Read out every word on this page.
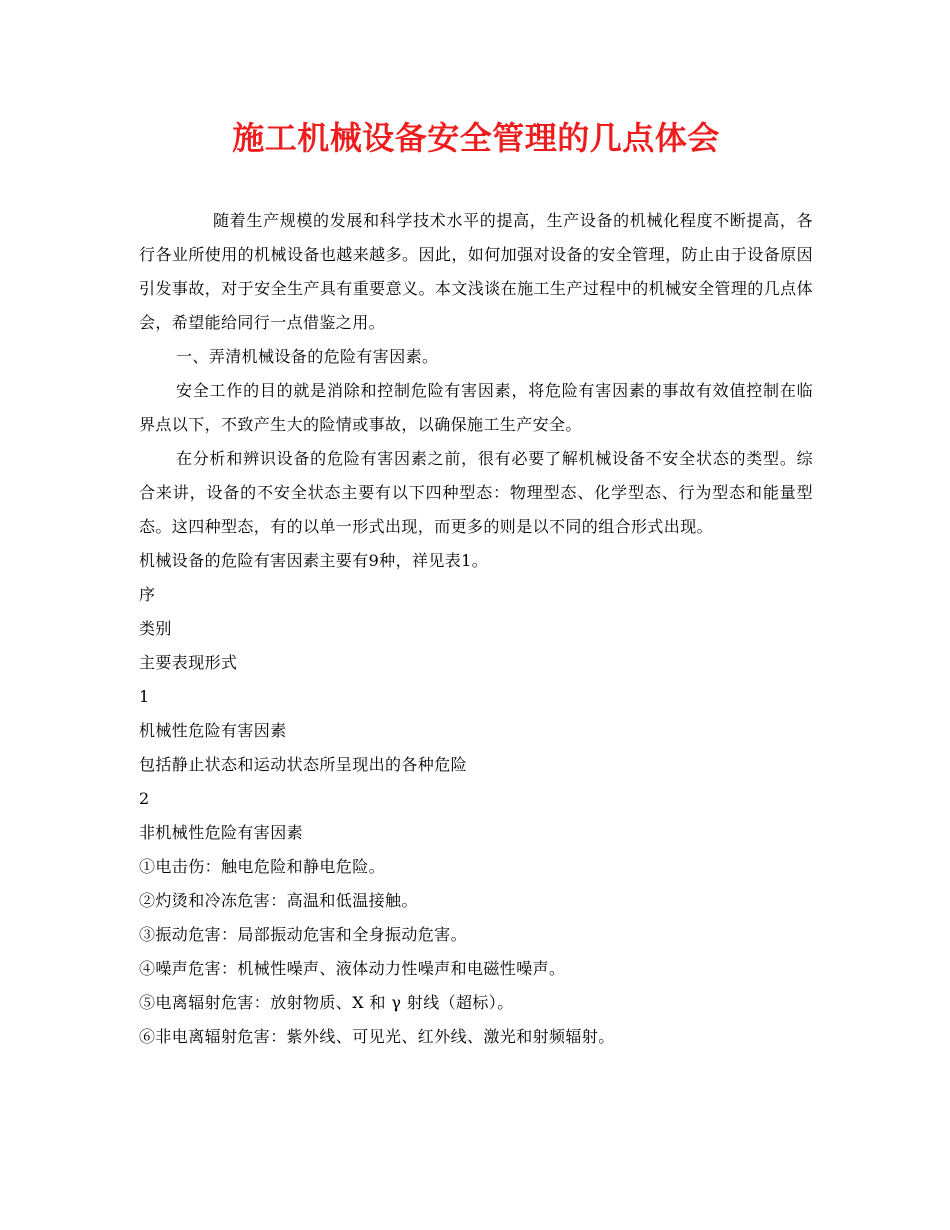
施工机械设备安全管理的几点体会

随着生产规模的发展和科学技术水平的提高，生产设备的机械化程度不断提高，各行各业所使用的机械设备也越来越多。因此，如何加强对设备的安全管理，防止由于设备原因引发事故，对于安全生产具有重要意义。本文浅谈在施工生产过程中的机械安全管理的几点体会，希望能给同行一点借鉴之用。

一、弄清机械设备的危险有害因素。

安全工作的目的就是消除和控制危险有害因素，将危险有害因素的事故有效值控制在临界点以下，不致产生大的险情或事故，以确保施工生产安全。

在分析和辨识设备的危险有害因素之前，很有必要了解机械设备不安全状态的类型。综合来讲，设备的不安全状态主要有以下四种型态：物理型态、化学型态、行为型态和能量型态。这四种型态，有的以单一形式出现，而更多的则是以不同的组合形式出现。

机械设备的危险有害因素主要有9种，祥见表1。

序

类别

主要表现形式

1

机械性危险有害因素

包括静止状态和运动状态所呈现出的各种危险

2

非机械性危险有害因素

①电击伤：触电危险和静电危险。

②灼烫和冷冻危害：高温和低温接触。

③振动危害：局部振动危害和全身振动危害。

④噪声危害：机械性噪声、液体动力性噪声和电磁性噪声。

⑤电离辐射危害：放射物质、X 和 γ 射线（超标）。

⑥非电离辐射危害：紫外线、可见光、红外线、激光和射频辐射。
